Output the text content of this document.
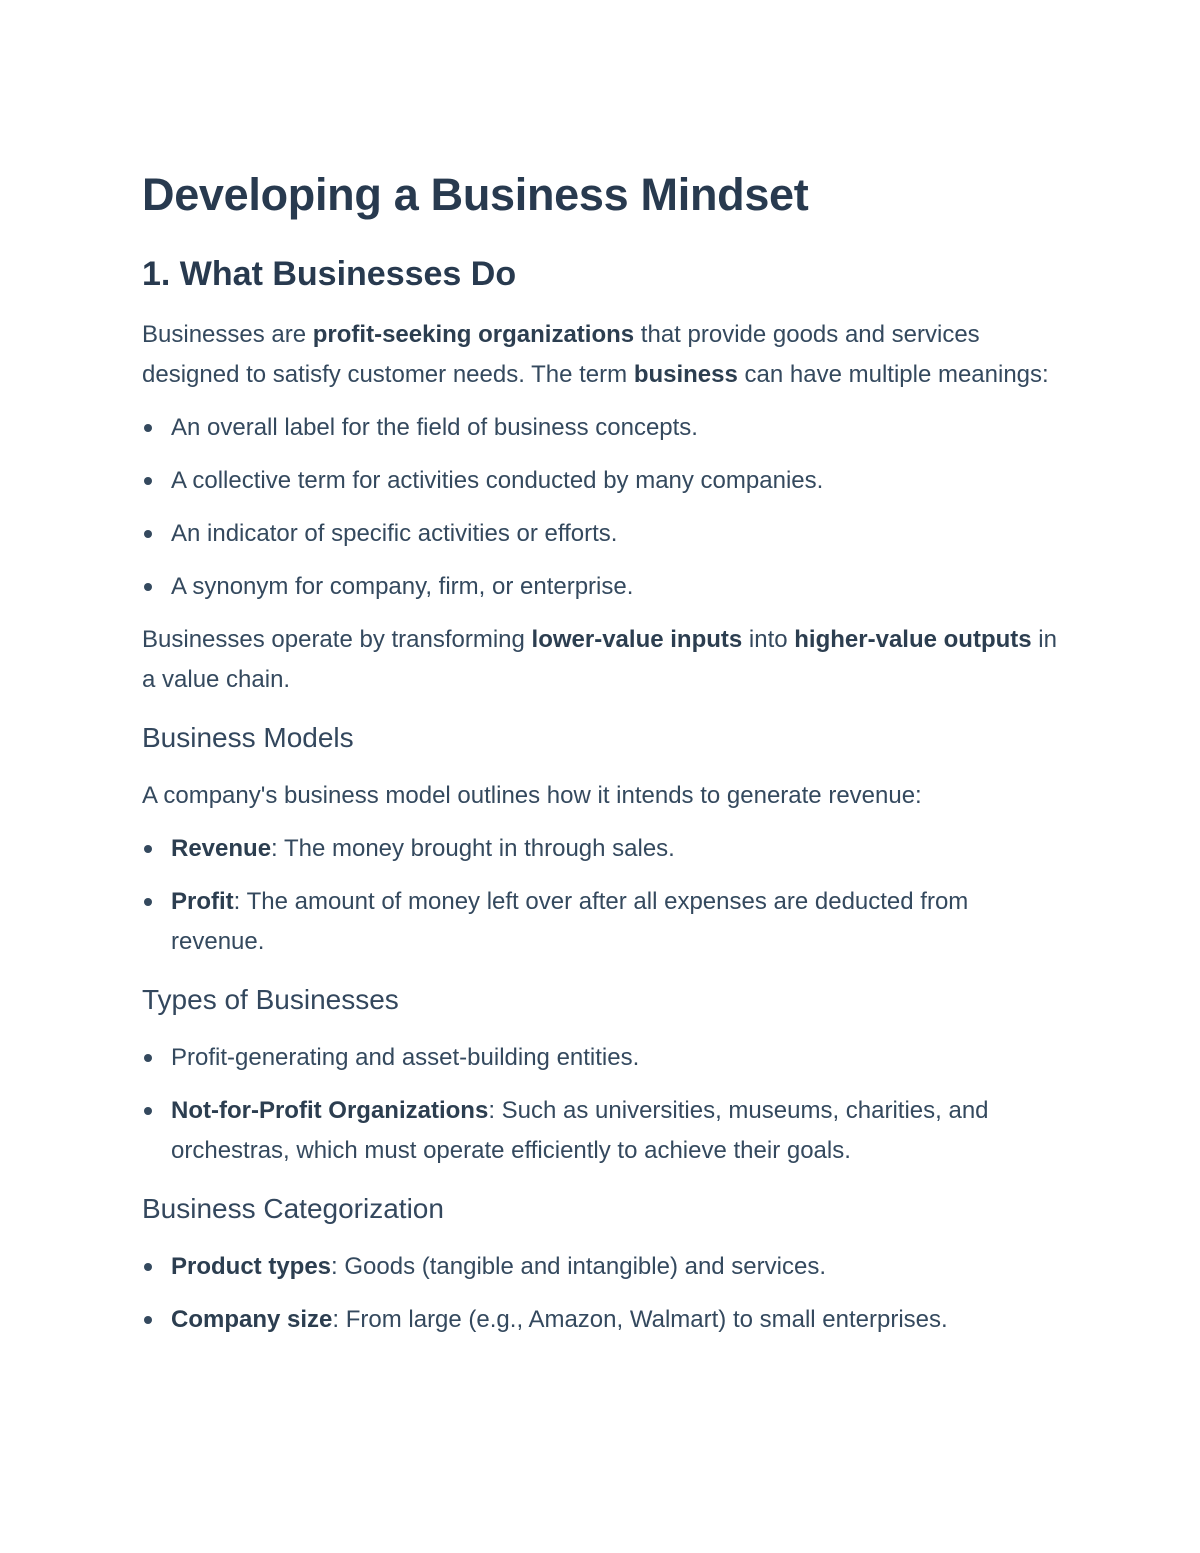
Developing a Business Mindset
1. What Businesses Do

Businesses are profit-seeking organizations that provide goods and services designed to satisfy customer needs. The term business can have multiple meanings:

An overall label for the field of business concepts.
A collective term for activities conducted by many companies.
An indicator of specific activities or efforts.
A synonym for company, firm, or enterprise.

Businesses operate by transforming lower-value inputs into higher-value outputs in a value chain.

Business Models

A company's business model outlines how it intends to generate revenue:

Revenue: The money brought in through sales.
Profit: The amount of money left over after all expenses are deducted from revenue.
Types of Businesses
Profit-generating and asset-building entities.
Not-for-Profit Organizations: Such as universities, museums, charities, and orchestras, which must operate efficiently to achieve their goals.
Business Categorization
Product types: Goods (tangible and intangible) and services.
Company size: From large (e.g., Amazon, Walmart) to small enterprises.
